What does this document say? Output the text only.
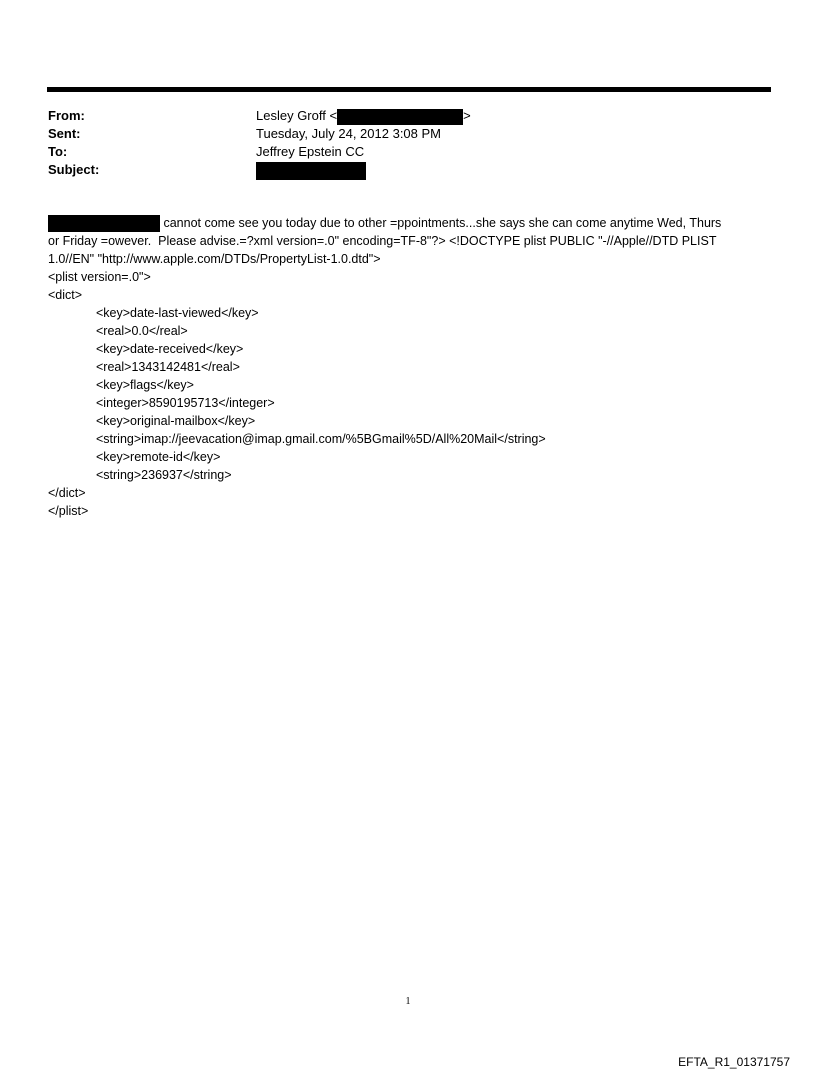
From:	Lesley Groff <	>
Sent:	Tuesday, July 24, 2012 3:08 PM
To:	Jeffrey Epstein CC
Subject:
cannot come see you today due to other =ppointments...she says she can come anytime Wed, Thurs
or Friday =owever.  Please advise.=?xml version=.0" encoding=TF-8"?> <!DOCTYPE plist PUBLIC "-//Apple//DTD PLIST
1.0//EN" "http://www.apple.com/DTDs/PropertyList-1.0.dtd">
<plist version=.0">
<dict>
<key>date-last-viewed</key>
<real>0.0</real>
<key>date-received</key>
<real>1343142481</real>
<key>flags</key>
<integer>8590195713</integer>
<key>original-mailbox</key>
<string>imap://jeevacation@imap.gmail.com/%5BGmail%5D/All%20Mail</string>
<key>remote-id</key>
<string>236937</string>
</dict>
</plist>
1
EFTA_R1_01371757
